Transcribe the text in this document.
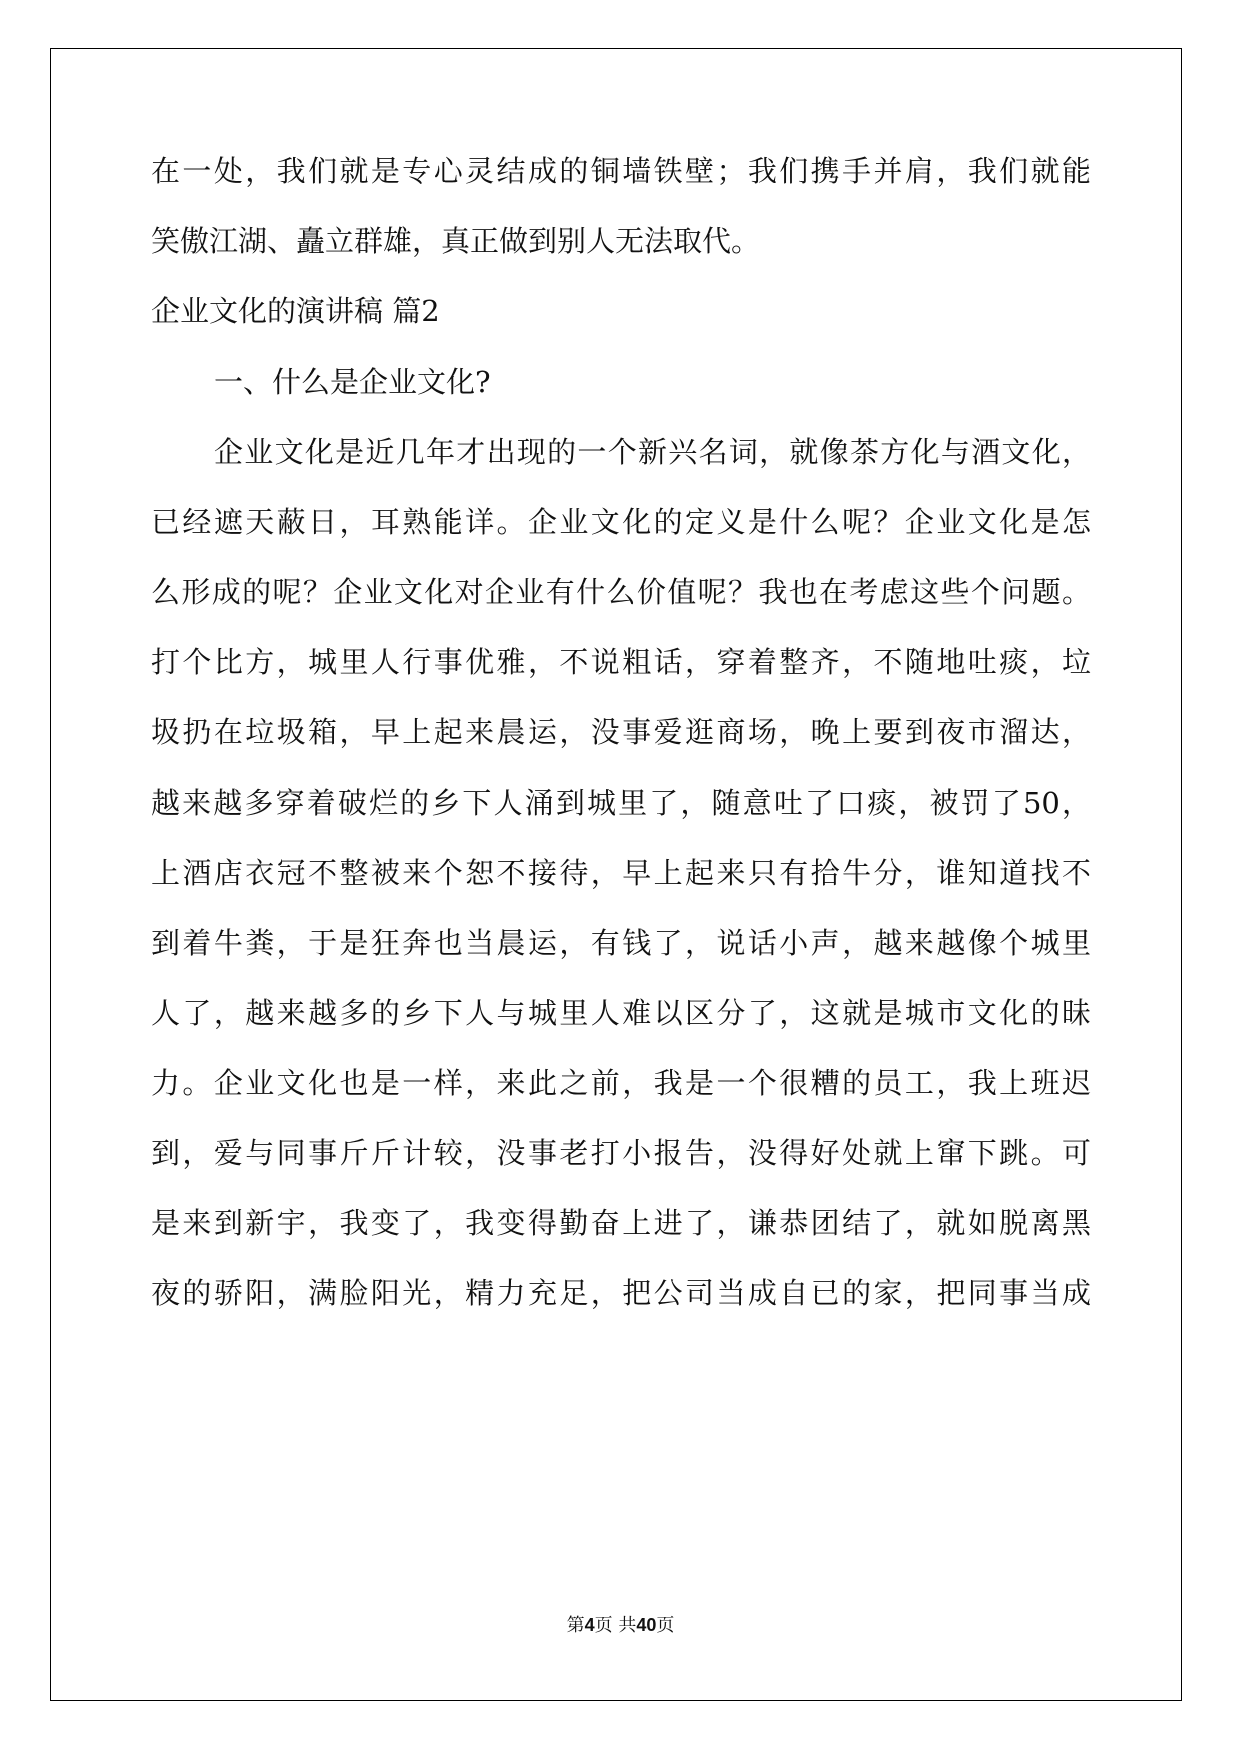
在一处，我们就是专心灵结成的铜墙铁壁；我们携手并肩，我们就能
笑傲江湖、矗立群雄，真正做到别人无法取代。
企业文化的演讲稿 篇2
一、什么是企业文化?
企业文化是近几年才出现的一个新兴名词，就像茶方化与酒文化，
已经遮天蔽日，耳熟能详。企业文化的定义是什么呢？企业文化是怎
么形成的呢？企业文化对企业有什么价值呢？我也在考虑这些个问题。
打个比方，城里人行事优雅，不说粗话，穿着整齐，不随地吐痰，垃
圾扔在垃圾箱，早上起来晨运，没事爱逛商场，晚上要到夜市溜达，
越来越多穿着破烂的乡下人涌到城里了，随意吐了口痰，被罚了50，
上酒店衣冠不整被来个恕不接待，早上起来只有拾牛分，谁知道找不
到着牛粪，于是狂奔也当晨运，有钱了，说话小声，越来越像个城里
人了，越来越多的乡下人与城里人难以区分了，这就是城市文化的昧
力。企业文化也是一样，来此之前，我是一个很糟的员工，我上班迟
到，爱与同事斤斤计较，没事老打小报告，没得好处就上窜下跳。可
是来到新宇，我变了，我变得勤奋上进了，谦恭团结了，就如脱离黑
夜的骄阳，满脸阳光，精力充足，把公司当成自已的家，把同事当成
第4页 共40页
